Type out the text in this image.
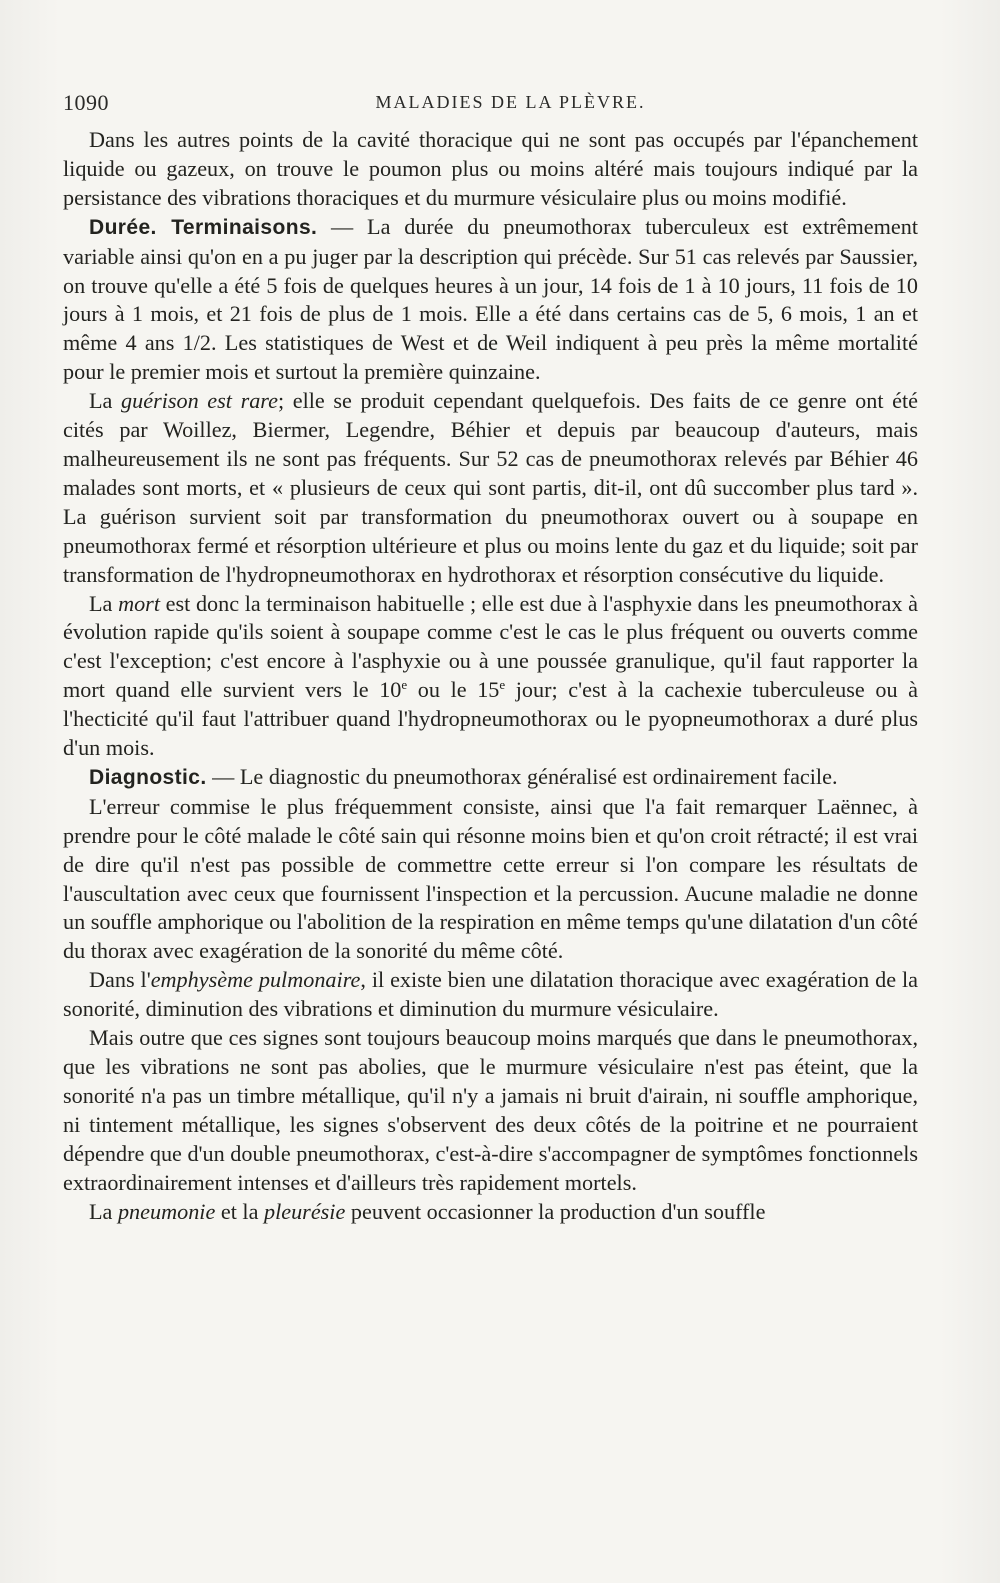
1090	MALADIES DE LA PLÈVRE.

Dans les autres points de la cavité thoracique qui ne sont pas occupés par l'épanchement liquide ou gazeux, on trouve le poumon plus ou moins altéré mais toujours indiqué par la persistance des vibrations thoraciques et du murmure vésiculaire plus ou moins modifié.

Durée. Terminaisons. — La durée du pneumothorax tuberculeux est extrêmement variable ainsi qu'on en a pu juger par la description qui précède. Sur 51 cas relevés par Saussier, on trouve qu'elle a été 5 fois de quelques heures à un jour, 14 fois de 1 à 10 jours, 11 fois de 10 jours à 1 mois, et 21 fois de plus de 1 mois. Elle a été dans certains cas de 5, 6 mois, 1 an et même 4 ans 1/2. Les statistiques de West et de Weil indiquent à peu près la même mortalité pour le premier mois et surtout la première quinzaine.

La guérison est rare; elle se produit cependant quelquefois. Des faits de ce genre ont été cités par Woillez, Biermer, Legendre, Béhier et depuis par beaucoup d'auteurs, mais malheureusement ils ne sont pas fréquents. Sur 52 cas de pneumothorax relevés par Béhier 46 malades sont morts, et « plusieurs de ceux qui sont partis, dit-il, ont dû succomber plus tard ». La guérison survient soit par transformation du pneumothorax ouvert ou à soupape en pneumothorax fermé et résorption ultérieure et plus ou moins lente du gaz et du liquide; soit par transformation de l'hydropneumothorax en hydrothorax et résorption consécutive du liquide.

La mort est donc la terminaison habituelle ; elle est due à l'asphyxie dans les pneumothorax à évolution rapide qu'ils soient à soupape comme c'est le cas le plus fréquent ou ouverts comme c'est l'exception; c'est encore à l'asphyxie ou à une poussée granulique, qu'il faut rapporter la mort quand elle survient vers le 10e ou le 15e jour; c'est à la cachexie tuberculeuse ou à l'hecticité qu'il faut l'attribuer quand l'hydropneumothorax ou le pyopneumothorax a duré plus d'un mois.

Diagnostic. — Le diagnostic du pneumothorax généralisé est ordinairement facile.

L'erreur commise le plus fréquemment consiste, ainsi que l'a fait remarquer Laënnec, à prendre pour le côté malade le côté sain qui résonne moins bien et qu'on croit rétracté; il est vrai de dire qu'il n'est pas possible de commettre cette erreur si l'on compare les résultats de l'auscultation avec ceux que fournissent l'inspection et la percussion. Aucune maladie ne donne un souffle amphorique ou l'abolition de la respiration en même temps qu'une dilatation d'un côté du thorax avec exagération de la sonorité du même côté.

Dans l'emphysème pulmonaire, il existe bien une dilatation thoracique avec exagération de la sonorité, diminution des vibrations et diminution du murmure vésiculaire.

Mais outre que ces signes sont toujours beaucoup moins marqués que dans le pneumothorax, que les vibrations ne sont pas abolies, que le murmure vésiculaire n'est pas éteint, que la sonorité n'a pas un timbre métallique, qu'il n'y a jamais ni bruit d'airain, ni souffle amphorique, ni tintement métallique, les signes s'observent des deux côtés de la poitrine et ne pourraient dépendre que d'un double pneumothorax, c'est-à-dire s'accompagner de symptômes fonctionnels extraordinairement intenses et d'ailleurs très rapidement mortels.

La pneumonie et la pleurésie peuvent occasionner la production d'un souffle
